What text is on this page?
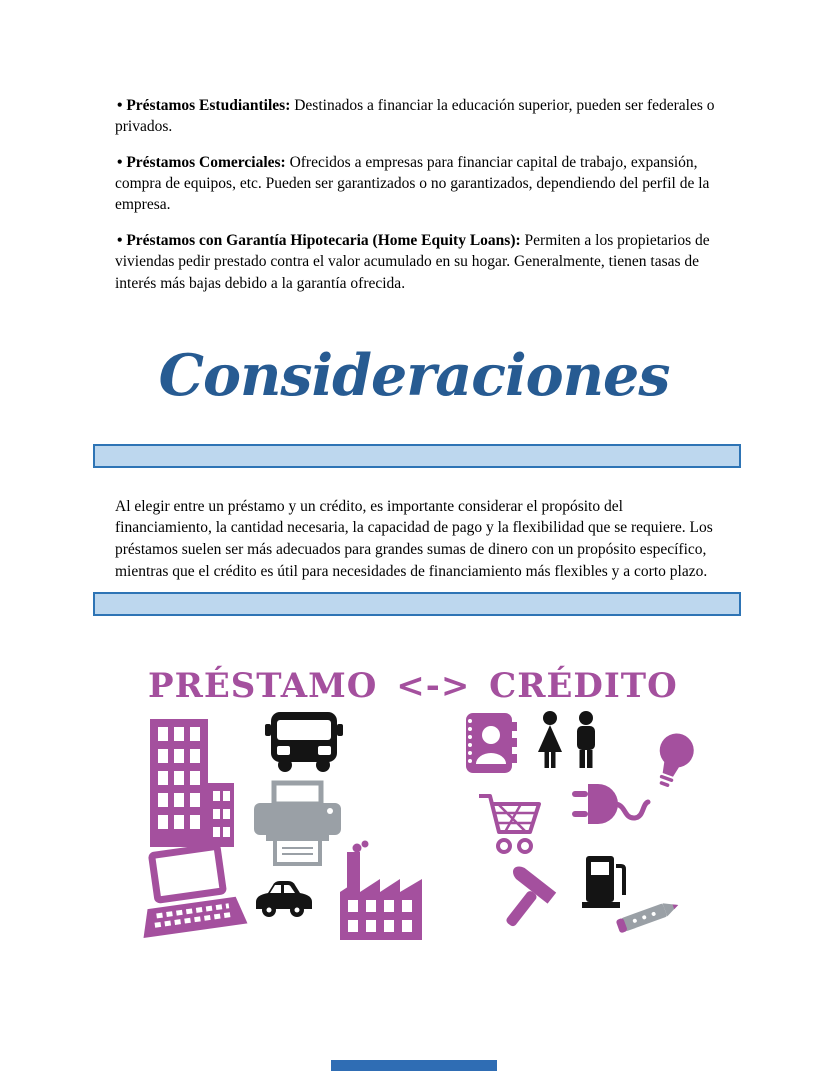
• Préstamos Estudiantiles: Destinados a financiar la educación superior, pueden ser federales o privados.

• Préstamos Comerciales: Ofrecidos a empresas para financiar capital de trabajo, expansión, compra de equipos, etc. Pueden ser garantizados o no garantizados, dependiendo del perfil de la empresa.

• Préstamos con Garantía Hipotecaria (Home Equity Loans): Permiten a los propietarios de viviendas pedir prestado contra el valor acumulado en su hogar. Generalmente, tienen tasas de interés más bajas debido a la garantía ofrecida.

Consideraciones

Al elegir entre un préstamo y un crédito, es importante considerar el propósito del financiamiento, la cantidad necesaria, la capacidad de pago y la flexibilidad que se requiere. Los préstamos suelen ser más adecuados para grandes sumas de dinero con un propósito específico, mientras que el crédito es útil para necesidades de financiamiento más flexibles y a corto plazo.

PRÉSTAMO <-> CRÉDITO
